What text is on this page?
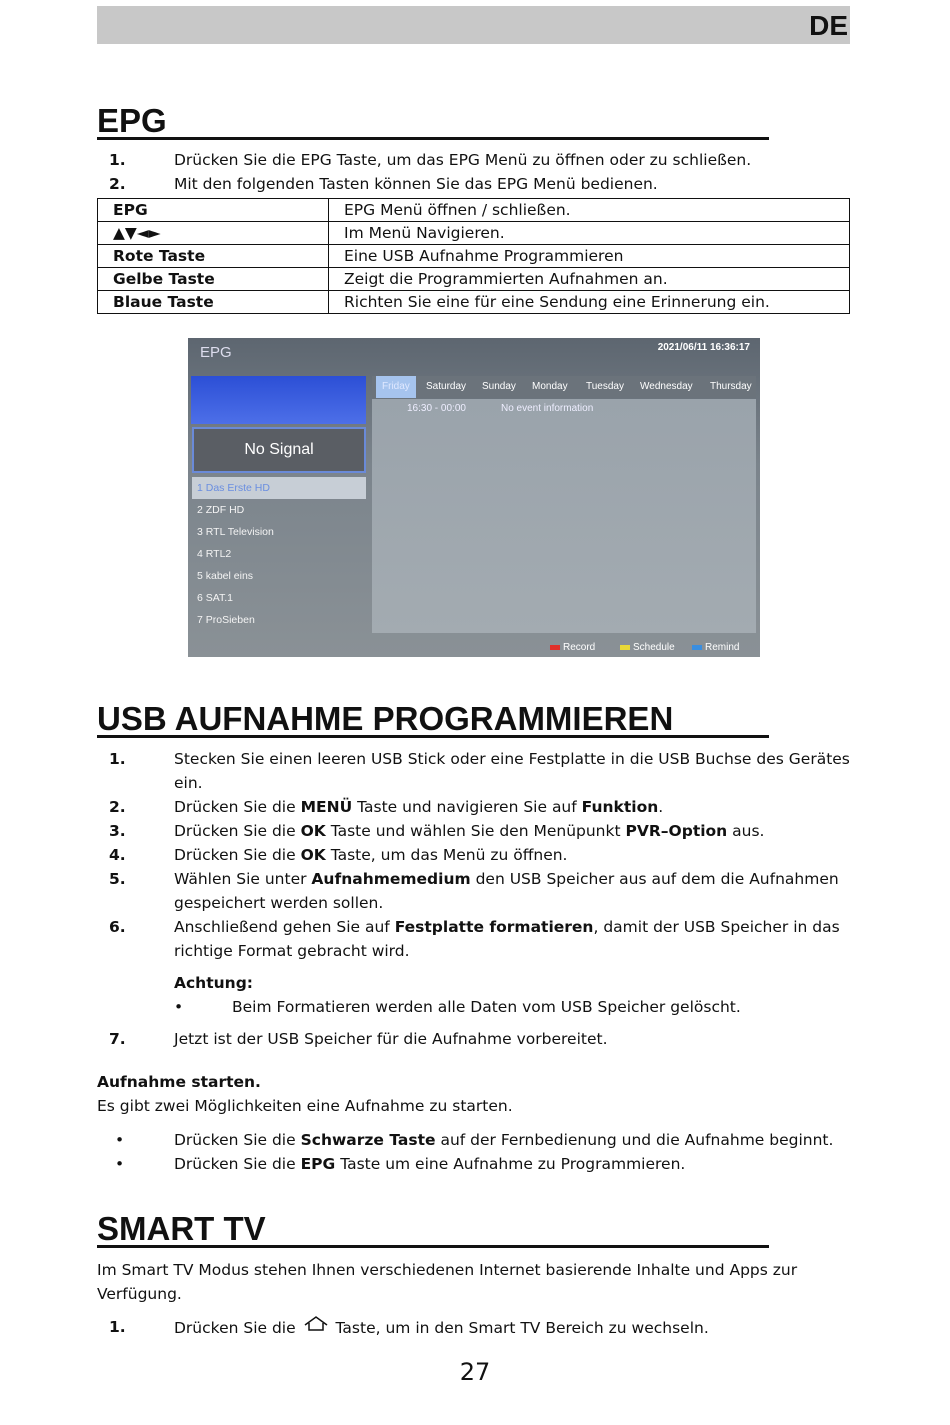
DE
EPG
1.	Drücken Sie die EPG Taste, um das EPG Menü zu öffnen oder zu schließen.
2.	Mit den folgenden Tasten können Sie das EPG Menü bedienen.
EPG	EPG Menü öffnen / schließen.
▲▼◄►	Im Menü Navigieren.
Rote Taste	Eine USB Aufnahme Programmieren
Gelbe Taste	Zeigt die Programmierten Aufnahmen an.
Blaue Taste	Richten Sie eine für eine Sendung eine Erinnerung ein.
EPG	2021/06/11 16:36:17
No Signal
1 Das Erste HD
2 ZDF HD
3 RTL Television
4 RTL2
5 kabel eins
6 SAT.1
7 ProSieben
Friday	Saturday Sunday Monday Tuesday Wednesday Thursday
16:30 - 00:00	No event information
Record	Schedule	Remind
USB AUFNAHME PROGRAMMIEREN
1.	Stecken Sie einen leeren USB Stick oder eine Festplatte in die USB Buchse des Gerätes ein.
2.	Drücken Sie die MENÜ Taste und navigieren Sie auf Funktion.
3.	Drücken Sie die OK Taste und wählen Sie den Menüpunkt PVR–Option aus.
4.	Drücken Sie die OK Taste, um das Menü zu öffnen.
5.	Wählen Sie unter Aufnahmemedium den USB Speicher aus auf dem die Aufnahmen gespeichert werden sollen.
6.	Anschließend gehen Sie auf Festplatte formatieren, damit der USB Speicher in das richtige Format gebracht wird.
Achtung:
•	Beim Formatieren werden alle Daten vom USB Speicher gelöscht.
7.	Jetzt ist der USB Speicher für die Aufnahme vorbereitet.
Aufnahme starten.
Es gibt zwei Möglichkeiten eine Aufnahme zu starten.
•	Drücken Sie die Schwarze Taste auf der Fernbedienung und die Aufnahme beginnt.
•	Drücken Sie die EPG Taste um eine Aufnahme zu Programmieren.
SMART TV
Im Smart TV Modus stehen Ihnen verschiedenen Internet basierende Inhalte und Apps zur Verfügung.
1.	Drücken Sie die	Taste, um in den Smart TV Bereich zu wechseln.
27
